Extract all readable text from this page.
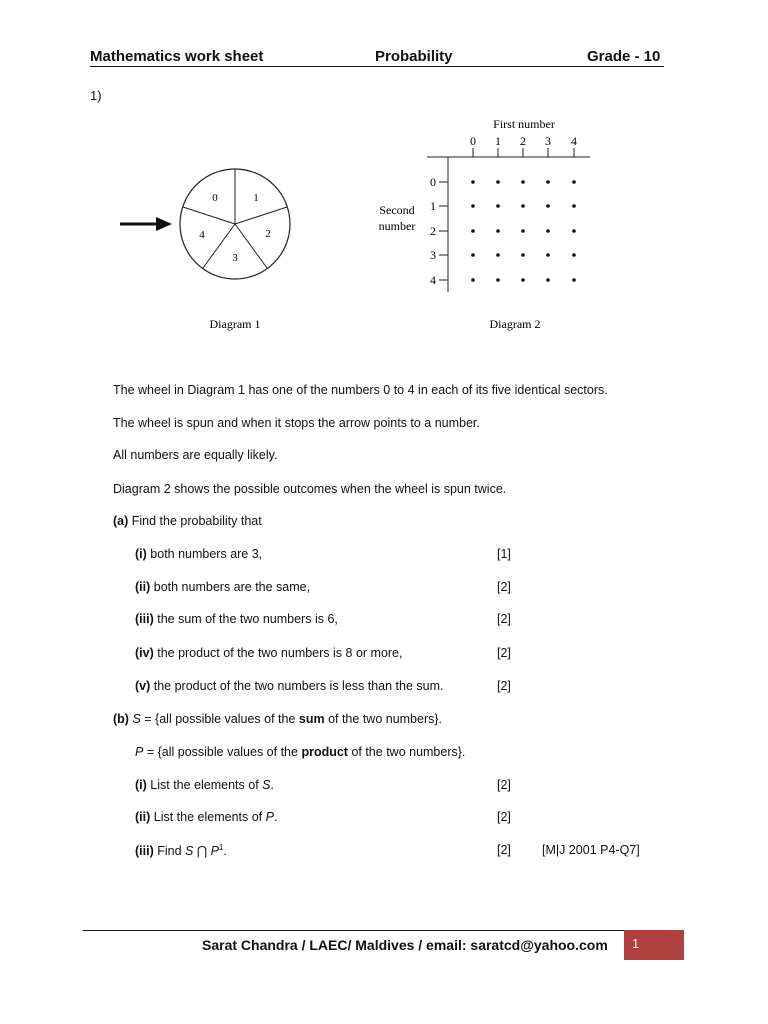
Mathematics work sheet	Probability	Grade - 10
1)
0	1
2
3
4
Diagram 1
First number
0 1 2 3 4
0
1
2
3
4
Second
number
Diagram 2
The wheel in Diagram 1 has one of the numbers 0 to 4 in each of its five identical sectors.
The wheel is spun and when it stops the arrow points to a number.
All numbers are equally likely.
Diagram 2 shows the possible outcomes when the wheel is spun twice.
(a) Find the probability that
(i) both numbers are 3,	[1]
(ii) both numbers are the same,	[2]
(iii) the sum of the two numbers is 6,	[2]
(iv) the product of the two numbers is 8 or more,	[2]
(v) the product of the two numbers is less than the sum.	[2]
(b) S = {all possible values of the sum of the two numbers}.
P = {all possible values of the product of the two numbers}.
(i) List the elements of S.	[2]
(ii) List the elements of P.	[2]
(iii) Find S ⋂ $P^1$.	[2] [M|J 2001 P4-Q7]
Sarat Chandra / LAEC/ Maldives / email: saratcd@yahoo.com 1
